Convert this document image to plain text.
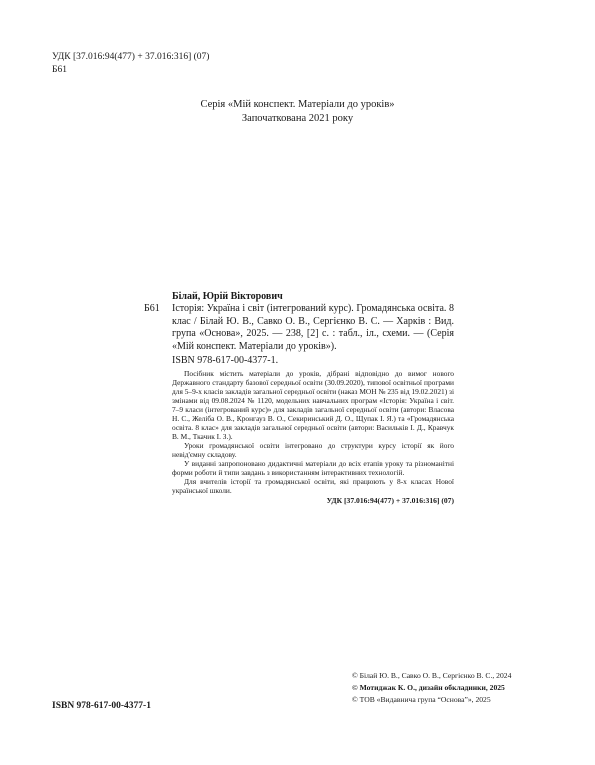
УДК [37.016:94(477) + 37.016:316] (07)
Б61
Серія «Мій конспект. Матеріали до уроків»
Започаткована 2021 року
Б61
Білай, Юрій Вікторович
Історія: Україна і світ (інтегрований курс). Громадянська освіта. 8 клас / Білай Ю. В., Савко О. В., Сергієнко В. С. — Харків : Вид. група «Основа», 2025. — 238, [2] с. : табл., іл., схеми. — (Серія «Мій конспект. Матеріали до уроків»).
ISBN 978-617-00-4377-1.

Посібник містить матеріали до уроків, дібрані відповідно до вимог нового Державного стандарту базової середньої освіти (30.09.2020), типової освітньої програми для 5–9-х класів закладів загальної середньої освіти (наказ МОН № 235 від 19.02.2021) зі змінами від 09.08.2024 № 1120, модельних навчальних програм «Історія: Україна і світ. 7–9 класи (інтегрований курс)» для закладів загальної середньої освіти (автори: Власова Н. С., Желіба О. В., Кронгауз В. О., Секиринський Д. О., Щупак І. Я.) та «Громадянська освіта. 8 клас» для закладів загальної середньої освіти (автори: Васильків І. Д., Кравчук В. М., Ткачик І. З.).

Уроки громадянської освіти інтегровано до структури курсу історії як його невід'ємну складову.

У виданні запропоновано дидактичні матеріали до всіх етапів уроку та різноманітні форми роботи й типи завдань з використанням інтерактивних технологій.

Для вчителів історії та громадянської освіти, які працюють у 8-х класах Нової української школи.

УДК [37.016:94(477) + 37.016:316] (07)
© Білай Ю. В., Савко О. В., Сергієнко В. С., 2024
© Мотиджак К. О., дизайн обкладинки, 2025
© ТОВ «Видавнича група “Основа”», 2025
ISBN 978-617-00-4377-1
